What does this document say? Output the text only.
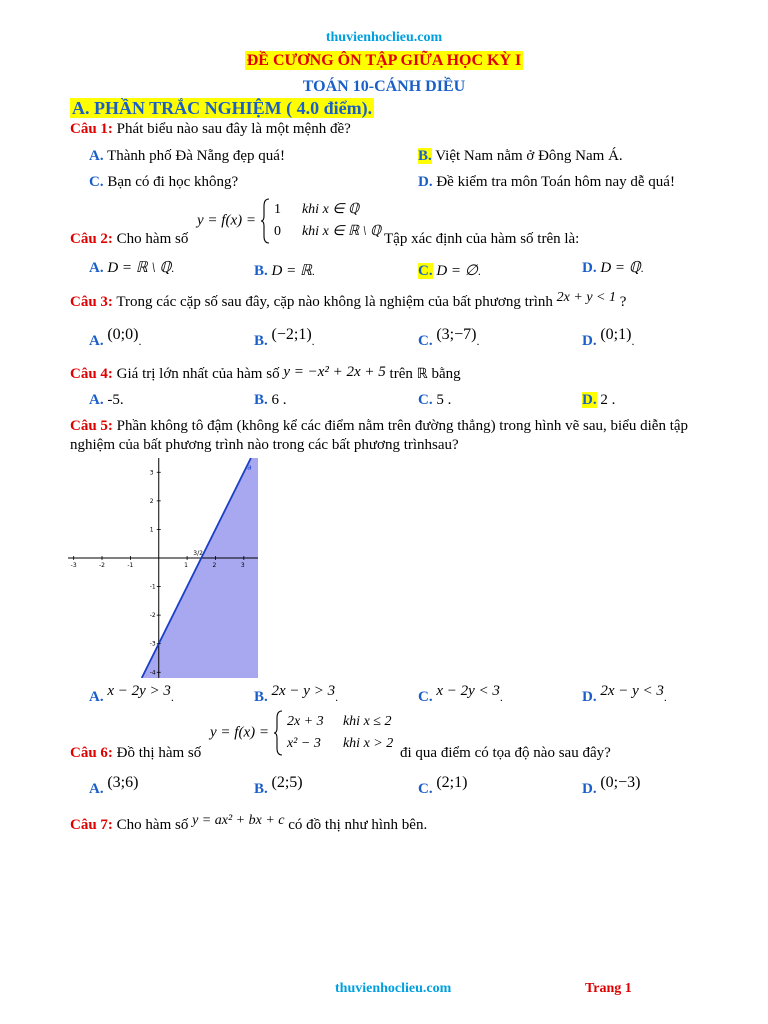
thuvienhoclieu.com
ĐỀ CƯƠNG ÔN TẬP GIỮA HỌC KỲ I
TOÁN 10-CÁNH DIỀU
A. PHẦN TRẮC NGHIỆM ( 4.0 điểm).
Câu 1: Phát biểu nào sau đây là một mệnh đề?
A. Thành phố Đà Nẵng đẹp quá!	B. Việt Nam nằm ở Đông Nam Á.
C. Bạn có đi học không?	D. Đề kiểm tra môn Toán hôm nay dễ quá!
Câu 2: Cho hàm số
y = f(x) =  1 khi x ∈ ℚ
0 khi x ∈ ℝ \ ℚ Tập xác định của hàm số trên là:
A. D = ℝ \ ℚ.	B. D = ℝ.	C. D = ∅.	D. D = ℚ.
Câu 3: Trong các cặp số sau đây, cặp nào không là nghiệm của bất phương trình 2x + y < 1 ?
A. $(0;0)_.$	B. $(-2;1)_.$	C. $(3;-7)_.$	D. $(0;1)_.$
Câu 4: Giá trị lớn nhất của hàm số y = −x² + 2x + 5 trên ℝ bằng
A. -5.	B. 6 .	C. 5 .	D. 2 .
Câu 5: Phần không tô đậm (không kể các điểm nằm trên đường thẳng) trong hình vẽ sau, biểu diễn tập
nghiệm của bất phương trình nào trong các bất phương trìnhsau?
-3	-2	-1	1	2	3
3
2
1
-1
-2
-3
-4
3/2
a
A. $x - 2y > 3_.$	B. $2x - y > 3_.$	C. $x - 2y < 3_.$	D. $2x - y < 3_.$
y = f(x) =  2x + 3 khi x ≤ 2
x² − 3 khi x > 2
Câu 6: Đồ thị hàm số	đi qua điểm có tọa độ nào sau đây?
A. (3;6)	B. (2;5)	C. (2;1)	D. (0;−3)
Câu 7: Cho hàm số y = ax² + bx + c có đồ thị như hình bên.
thuvienhoclieu.com	Trang 1
